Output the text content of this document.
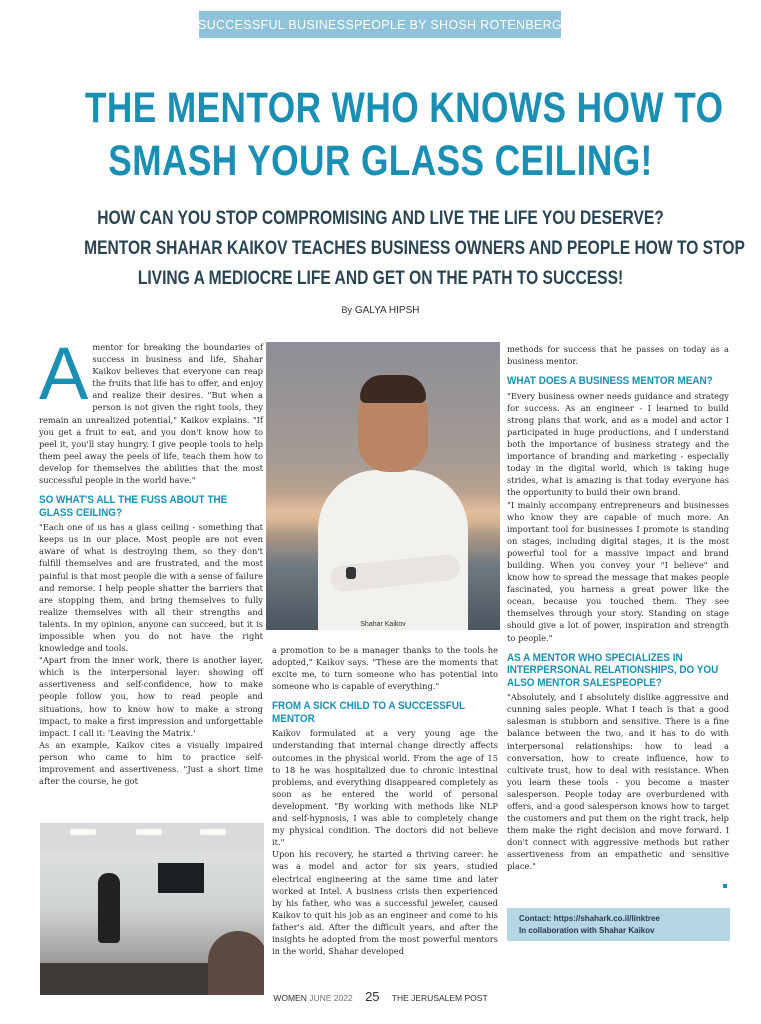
SUCCESSFUL BUSINESSPEOPLE BY SHOSH ROTENBERG
THE MENTOR WHO KNOWS HOW TO
SMASH YOUR GLASS CEILING!
HOW CAN YOU STOP COMPROMISING AND LIVE THE LIFE YOU DESERVE?
MENTOR SHAHAR KAIKOV TEACHES BUSINESS OWNERS AND PEOPLE HOW TO STOP
LIVING A MEDIOCRE LIFE AND GET ON THE PATH TO SUCCESS!
By GALYA HIPSH

Amentor for breaking the boundaries of success in business and life, Shahar Kaikov believes that everyone can reap the fruits that life has to offer, and enjoy and realize their desires. "But when a person is not given the right tools, they remain an unrealized potential," Kaikov explains. "If you get a fruit to eat, and you don't know how to peel it, you'll stay hungry. I give people tools to help them peel away the peels of life, teach them how to develop for themselves the abilities that the most successful people in the world have."

SO WHAT'S ALL THE FUSS ABOUT THE GLASS CEILING?

"Each one of us has a glass ceiling - something that keeps us in our place. Most people are not even aware of what is destroying them, so they don't fulfill themselves and are frustrated, and the most painful is that most people die with a sense of failure and remorse. I help people shatter the barriers that are stopping them, and bring themselves to fully realize themselves with all their strengths and talents. In my opinion, anyone can succeed, but it is impossible when you do not have the right knowledge and tools.

"Apart from the inner work, there is another layer, which is the interpersonal layer: showing off assertiveness and self-confidence, how to make people follow you, how to read people and situations, how to know how to make a strong impact, to make a first impression and unforgettable impact. I call it: 'Leaving the Matrix.'

As an example, Kaikov cites a visually impaired person who came to him to practice self-improvement and assertiveness. "Just a short time after the course, he got

Shahar Kaikov

a promotion to be a manager thanks to the tools he adopted," Kaikov says. "These are the moments that excite me, to turn someone who has potential into someone who is capable of everything."

FROM A SICK CHILD TO A SUCCESSFUL MENTOR

Kaikov formulated at a very young age the understanding that internal change directly affects outcomes in the physical world. From the age of 15 to 18 he was hospitalized due to chronic intestinal problems, and everything disappeared completely as soon as he entered the world of personal development. "By working with methods like NLP and self-hypnosis, I was able to completely change my physical condition. The doctors did not believe it."

Upon his recovery, he started a thriving career: he was a model and actor for six years, studied electrical engineering at the same time and later worked at Intel. A business crisis then experienced by his father, who was a successful jeweler, caused Kaikov to quit his job as an engineer and come to his father's aid. After the difficult years, and after the insights he adopted from the most powerful mentors in the world, Shahar developed

methods for success that he passes on today as a business mentor.

WHAT DOES A BUSINESS MENTOR MEAN?

"Every business owner needs guidance and strategy for success. As an engineer - I learned to build strong plans that work, and as a model and actor I participated in huge productions, and I understand both the importance of business strategy and the importance of branding and marketing - especially today in the digital world, which is taking huge strides, what is amazing is that today everyone has the opportunity to build their own brand.

"I mainly accompany entrepreneurs and businesses who know they are capable of much more. An important tool for businesses I promote is standing on stages, including digital stages, it is the most powerful tool for a massive impact and brand building. When you convey your "I believe" and know how to spread the message that makes people fascinated, you harness a great power like the ocean, because you touched them. They see themselves through your story. Standing on stage should give a lot of power, inspiration and strength to people."

AS A MENTOR WHO SPECIALIZES IN INTERPERSONAL RELATIONSHIPS, DO YOU ALSO MENTOR SALESPEOPLE?

"Absolutely, and I absolutely dislike aggressive and cunning sales people. What I teach is that a good salesman is stubborn and sensitive. There is a fine balance between the two, and it has to do with interpersonal relationships: how to lead a conversation, how to create influence, how to cultivate trust, how to deal with resistance. When you learn these tools - you become a master salesperson. People today are overburdened with offers, and a good salesperson knows how to target the customers and put them on the right track, help them make the right decision and move forward. I don't connect with aggressive methods but rather assertiveness from an empathetic and sensitive place."

Contact: https://shahark.co.il/linktree
In collaboration with Shahar Kaikov
WOMEN JUNE 2022 25 THE JERUSALEM POST
